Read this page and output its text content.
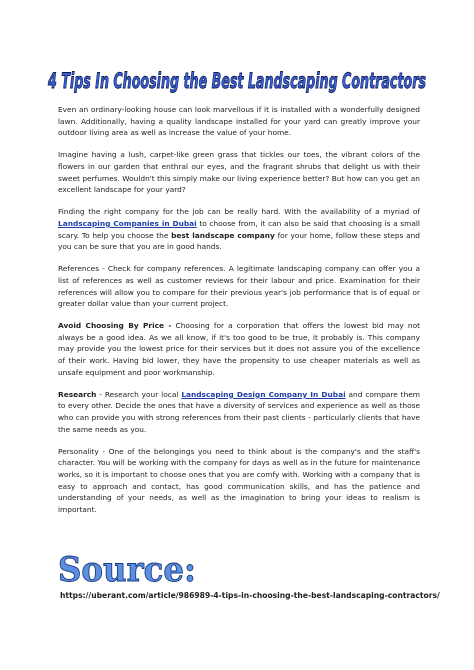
4 Tips In Choosing the Best Landscaping Contractors

Even an ordinary-looking house can look marvellous if it is installed with a wonderfully designed lawn. Additionally, having a quality landscape installed for your yard can greatly improve your outdoor living area as well as increase the value of your home.

Imagine having a lush, carpet-like green grass that tickles our toes, the vibrant colors of the flowers in our garden that enthral our eyes, and the fragrant shrubs that delight us with their sweet perfumes. Wouldn't this simply make our living experience better? But how can you get an excellent landscape for your yard?

Finding the right company for the job can be really hard. With the availability of a myriad of Landscaping Companies in Dubai to choose from, it can also be said that choosing is a small scary. To help you choose the best landscape company for your home, follow these steps and you can be sure that you are in good hands.

References - Check for company references. A legitimate landscaping company can offer you a list of references as well as customer reviews for their labour and price. Examination for their references will allow you to compare for their previous year's job performance that is of equal or greater dollar value than your current project.

Avoid Choosing By Price - Choosing for a corporation that offers the lowest bid may not always be a good idea. As we all know, if it's too good to be true, it probably is. This company may provide you the lowest price for their services but it does not assure you of the excellence of their work. Having bid lower, they have the propensity to use cheaper materials as well as unsafe equipment and poor workmanship.

Research - Research your local Landscaping Design Company In Dubai and compare them to every other. Decide the ones that have a diversity of services and experience as well as those who can provide you with strong references from their past clients - particularly clients that have the same needs as you.

Personality - One of the belongings you need to think about is the company's and the staff's character. You will be working with the company for days as well as in the future for maintenance works, so it is important to choose ones that you are comfy with. Working with a company that is easy to approach and contact, has good communication skills, and has the patience and understanding of your needs, as well as the imagination to bring your ideas to realism is important.

Source:
https://uberant.com/article/986989-4-tips-in-choosing-the-best-landscaping-contractors/
